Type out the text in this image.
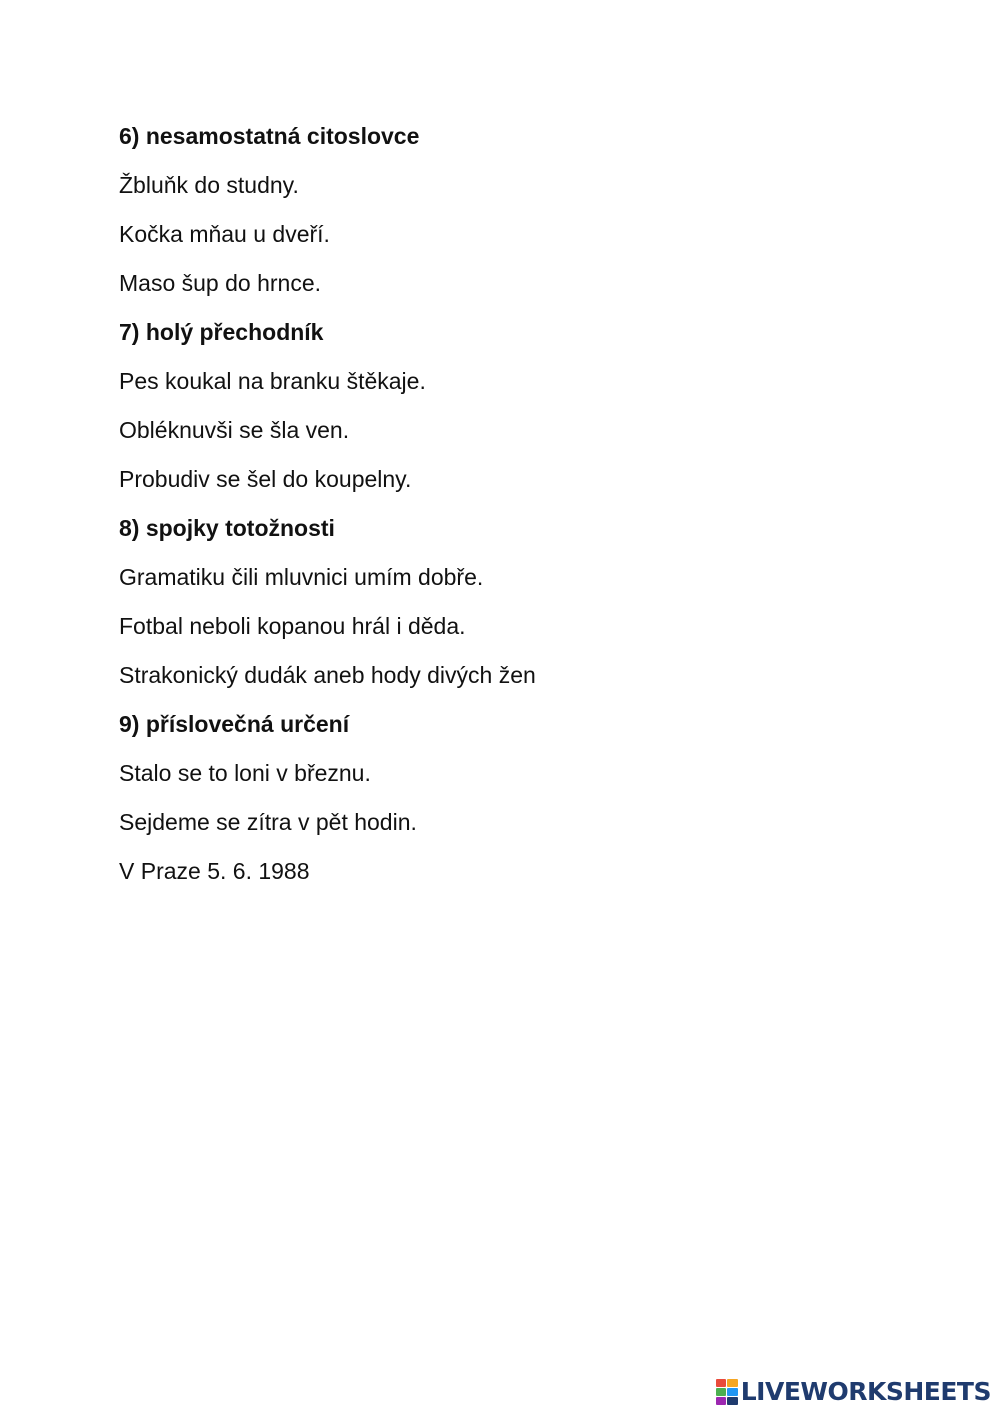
6) nesamostatná citoslovce
Žbluňk do studny.
Kočka mňau u dveří.
Maso šup do hrnce.
7) holý přechodník
Pes koukal na branku štěkaje.
Obléknuvši se šla ven.
Probudiv se šel do koupelny.
8) spojky totožnosti
Gramatiku čili mluvnici umím dobře.
Fotbal neboli kopanou hrál i děda.
Strakonický dudák aneb hody divých žen
9) příslovečná určení
Stalo se to loni v březnu.
Sejdeme se zítra v pět hodin.
V Praze 5. 6. 1988
LIVEWORKSHEETS
